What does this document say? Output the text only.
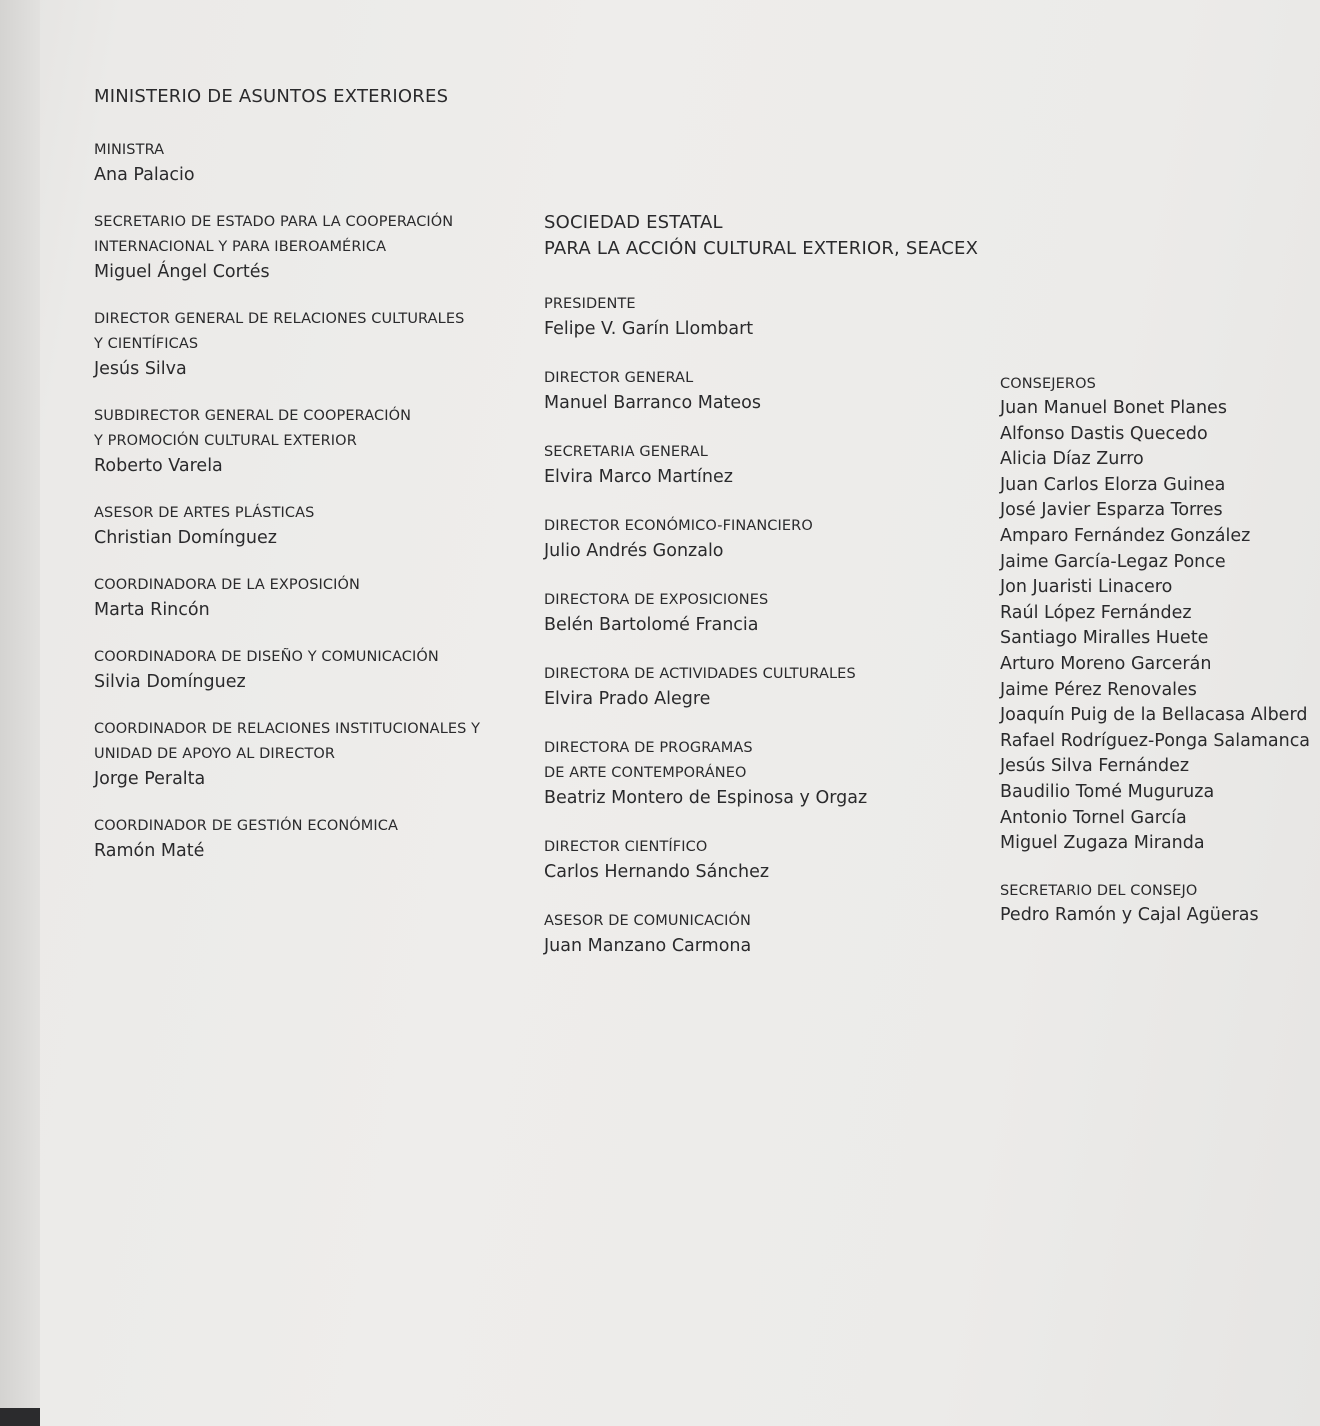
MINISTERIO DE ASUNTOS EXTERIORES
MINISTRA
Ana Palacio
SECRETARIO DE ESTADO PARA LA COOPERACIÓN
INTERNACIONAL Y PARA IBEROAMÉRICA
Miguel Ángel Cortés
DIRECTOR GENERAL DE RELACIONES CULTURALES
Y CIENTÍFICAS
Jesús Silva
SUBDIRECTOR GENERAL DE COOPERACIÓN
Y PROMOCIÓN CULTURAL EXTERIOR
Roberto Varela
ASESOR DE ARTES PLÁSTICAS
Christian Domínguez
COORDINADORA DE LA EXPOSICIÓN
Marta Rincón
COORDINADORA DE DISEÑO Y COMUNICACIÓN
Silvia Domínguez
COORDINADOR DE RELACIONES INSTITUCIONALES Y
UNIDAD DE APOYO AL DIRECTOR
Jorge Peralta
COORDINADOR DE GESTIÓN ECONÓMICA
Ramón Maté
SOCIEDAD ESTATAL
PARA LA ACCIÓN CULTURAL EXTERIOR, SEACEX
PRESIDENTE
Felipe V. Garín Llombart
DIRECTOR GENERAL
Manuel Barranco Mateos
SECRETARIA GENERAL
Elvira Marco Martínez
DIRECTOR ECONÓMICO-FINANCIERO
Julio Andrés Gonzalo
DIRECTORA DE EXPOSICIONES
Belén Bartolomé Francia
DIRECTORA DE ACTIVIDADES CULTURALES
Elvira Prado Alegre
DIRECTORA DE PROGRAMAS
DE ARTE CONTEMPORÁNEO
Beatriz Montero de Espinosa y Orgaz
DIRECTOR CIENTÍFICO
Carlos Hernando Sánchez
ASESOR DE COMUNICACIÓN
Juan Manzano Carmona
CONSEJEROS
Juan Manuel Bonet Planes
Alfonso Dastis Quecedo
Alicia Díaz Zurro
Juan Carlos Elorza Guinea
José Javier Esparza Torres
Amparo Fernández González
Jaime García-Legaz Ponce
Jon Juaristi Linacero
Raúl López Fernández
Santiago Miralles Huete
Arturo Moreno Garcerán
Jaime Pérez Renovales
Joaquín Puig de la Bellacasa Alberd
Rafael Rodríguez-Ponga Salamanca
Jesús Silva Fernández
Baudilio Tomé Muguruza
Antonio Tornel García
Miguel Zugaza Miranda
SECRETARIO DEL CONSEJO
Pedro Ramón y Cajal Agüeras
